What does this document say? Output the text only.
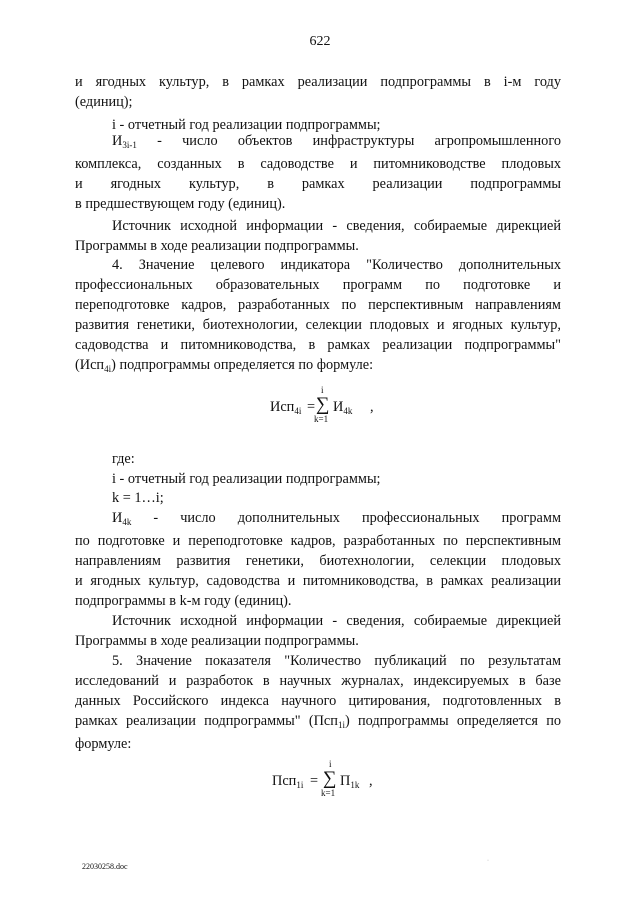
622
и ягодных культур, в рамках реализации подпрограммы в i-м году
(единиц);
i - отчетный год реализации подпрограммы;
$И_{3i-1}$ - число объектов инфраструктуры агропромышленного
комплекса, созданных в садоводстве и питомниководстве плодовых
и ягодных культур, в рамках реализации подпрограммы
в предшествующем году (единиц).
Источник исходной информации - сведения, собираемые дирекцией
Программы в ходе реализации подпрограммы.
4. Значение целевого индикатора "Количество дополнительных
профессиональных образовательных программ по подготовке и
переподготовке кадров, разработанных по перспективным направлениям
развития генетики, биотехнологии, селекции плодовых и ягодных культур,
садоводства и питомниководства, в рамках реализации подпрограммы"
(Исп$_{4i}$) подпрограммы определяется по формуле:
Исп$_{4i}$ =
i
∑
k=1
$И_{4k}$ ,
где:
i - отчетный год реализации подпрограммы;
k = 1…i;
$И_{4k}$ - число дополнительных профессиональных программ
по подготовке и переподготовке кадров, разработанных по перспективным
направлениям развития генетики, биотехнологии, селекции плодовых
и ягодных культур, садоводства и питомниководства, в рамках реализации
подпрограммы в k-м году (единиц).
Источник исходной информации - сведения, собираемые дирекцией
Программы в ходе реализации подпрограммы.
5. Значение показателя "Количество публикаций по результатам
исследований и разработок в научных журналах, индексируемых в базе
данных Российского индекса научного цитирования, подготовленных в
рамках реализации подпрограммы" (Псп$_{1i}$) подпрограммы определяется по
формуле:
Псп$_{1i}$ =
i
∑
k=1
$П_{1k}$ ,
22030258.doc
·
